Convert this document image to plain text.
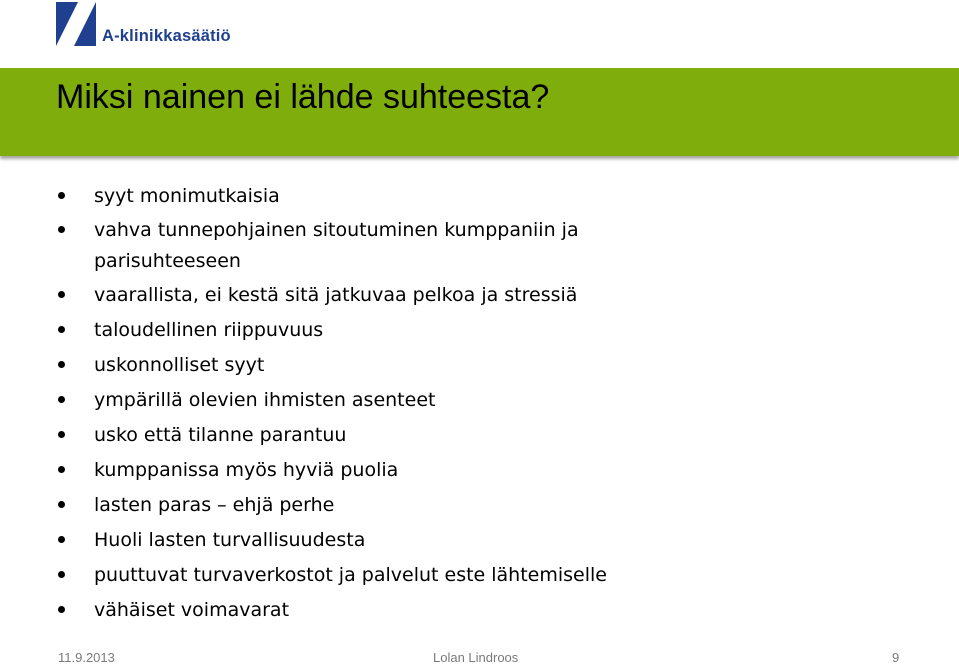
A-klinikkasäätiö
Miksi nainen ei lähde suhteesta?
syyt monimutkaisia
vahva tunnepohjainen sitoutuminen kumppaniin ja parisuhteeseen
vaarallista, ei kestä sitä jatkuvaa pelkoa ja stressiä
taloudellinen riippuvuus
uskonnolliset syyt
ympärillä olevien ihmisten asenteet
usko että tilanne parantuu
kumppanissa myös hyviä puolia
lasten paras – ehjä perhe
Huoli lasten turvallisuudesta
puuttuvat turvaverkostot ja palvelut este lähtemiselle
vähäiset voimavarat
11.9.2013	Lolan Lindroos	9
